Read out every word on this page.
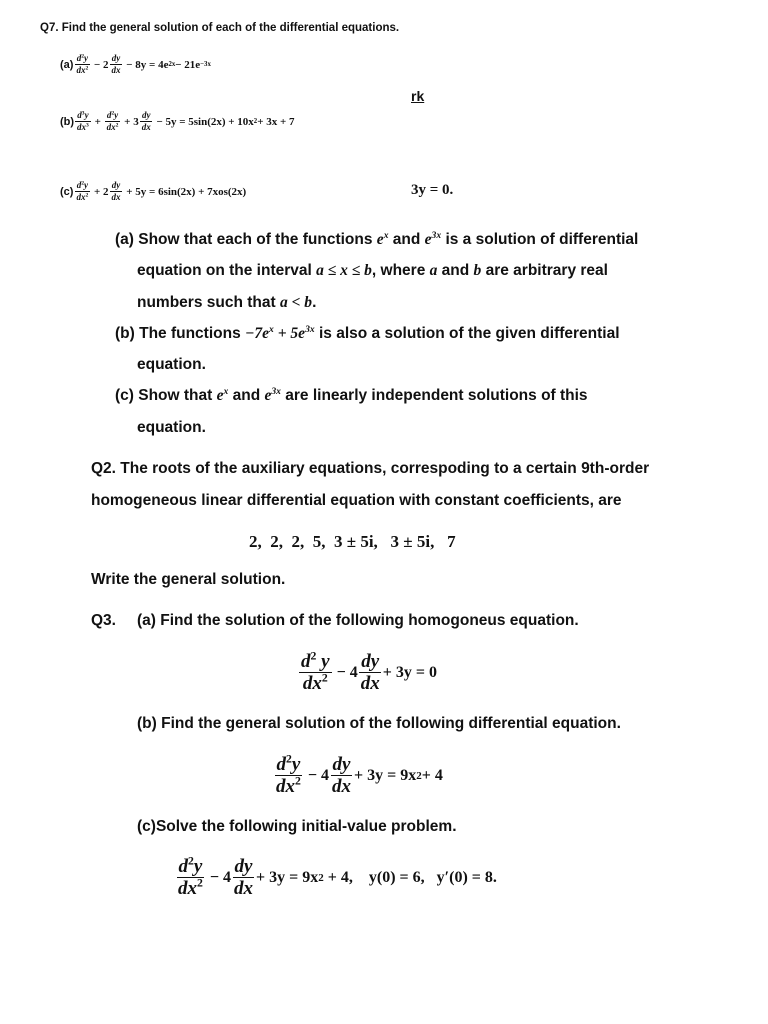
Q7. Find the general solution of each of the differential equations.
$(a) \frac{d^2y}{dx^2} - 2 \frac{dy}{dx}$
− 8y = 4e 2x − 21e −3x
rk
$(b) \frac{d^3y}{dx^3} + \frac{d^2y}{dx^2} + 3 \frac{dy}{dx}$
− 5y = 5sin(2x) + 10x 2 + 3x + 7
$(c) \frac{d^2y}{dx^2} + 2 \frac{dy}{dx}$
+ 5y = 6sin(2x) + 7xos(2x)	3y = 0.
(a) Show that each of the functions $e^x$ and $e^{3x}$ is a solution of differential
equation on the interval a ≤ x ≤ b, where a and b are arbitrary real
numbers such that a < b.
(b) The functions $-7e^x + 5e^{3x}$ is also a solution of the given differential
equation.
(c) Show that $e^x$ and $e^{3x}$ are linearly independent solutions of this
equation.
Q2. The roots of the auxiliary equations, correspoding to a certain 9th-order
homogeneous linear differential equation with constant coefficients, are
2,  2,  2,  5,  3 ± 5i,   3 ± 5i,   7
Write the general solution.
Q3. (a) Find the solution of the following homogoneus equation.
$\frac{d^2 y}{dx^2} - 4 \frac{dy}{dx} + 3y = 0$
(b) Find the general solution of the following differential equation.
$\frac{d^2y}{dx^2} - 4 \frac{dy}{dx} + 3y = 9x$ 2 + 4
(c)Solve the following initial-value problem.
$\frac{d^2y}{dx^2} - 4 \frac{dy}{dx} + 3y = 9x$ 2 + 4,    y(0) = 6,   y′(0) = 8.
